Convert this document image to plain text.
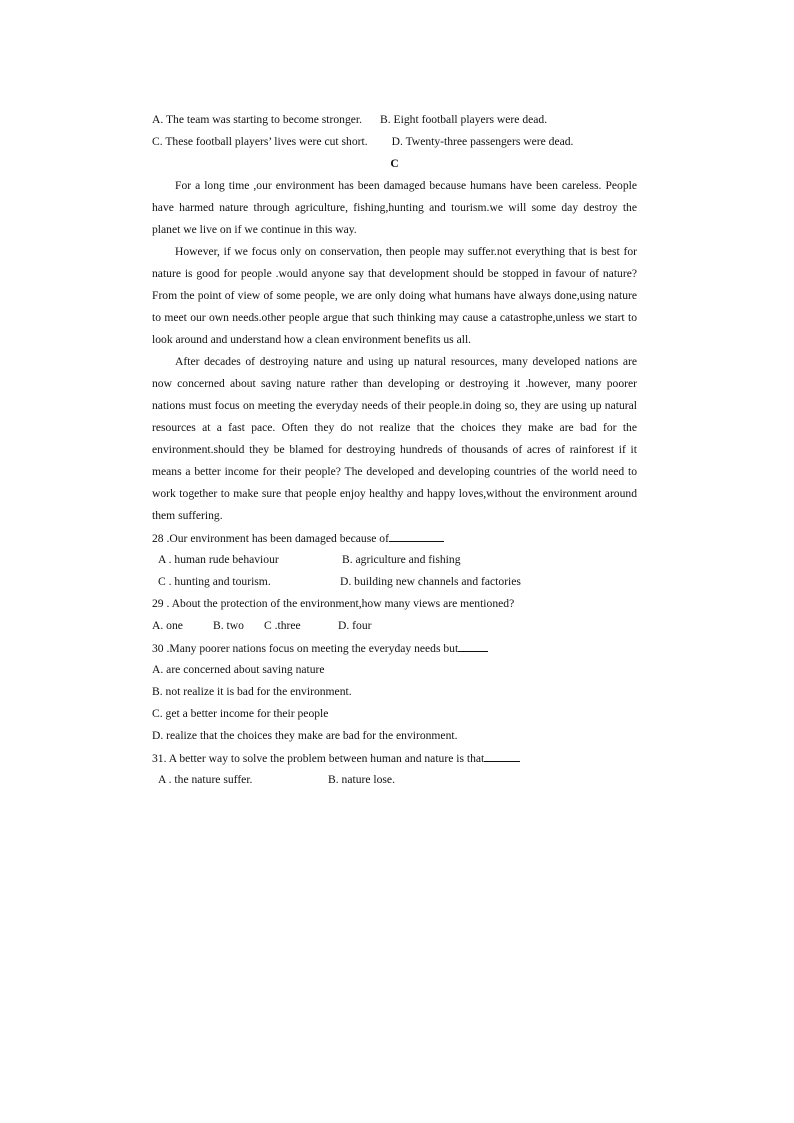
A. The team was starting to become stronger. B. Eight football players were dead.
C. These football players’ lives were cut short. D. Twenty-three passengers were dead.
C

For a long time ,our environment has been damaged because humans have been careless. People have harmed nature through agriculture, fishing,hunting and tourism.we will some day destroy the planet we live on if we continue in this way.

However, if we focus only on conservation, then people may suffer.not everything that is best for nature is good for people .would anyone say that development should be stopped in favour of nature?From the point of view of some people, we are only doing what humans have always done,using nature to meet our own needs.other people argue that such thinking may cause a catastrophe,unless we start to look around and understand how a clean environment benefits us all.

After decades of destroying nature and using up natural resources, many developed nations are now concerned about saving nature rather than developing or destroying it .however, many poorer nations must focus on meeting the everyday needs of their people.in doing so, they are using up natural resources at a fast pace. Often they do not realize that the choices they make are bad for the environment.should they be blamed for destroying hundreds of thousands of acres of rainforest if it means a better income for their people? The developed and developing countries of the world need to work together to make sure that people enjoy healthy and happy loves,without the environment around them suffering.

28 .Our environment has been damaged because of
A . human rude behaviour	B. agriculture and fishing
C . hunting and tourism.	D. building new channels and factories
29 . About the protection of the environment,how many views are mentioned?
A. one	B. two	C .three	D. four
30 .Many poorer nations focus on meeting the everyday needs but
A. are concerned about saving nature
B. not realize it is bad for the environment.
C. get a better income for their people
D. realize that the choices they make are bad for the environment.
31. A better way to solve the problem between human and nature is that
A . the nature suffer.	B. nature lose.
